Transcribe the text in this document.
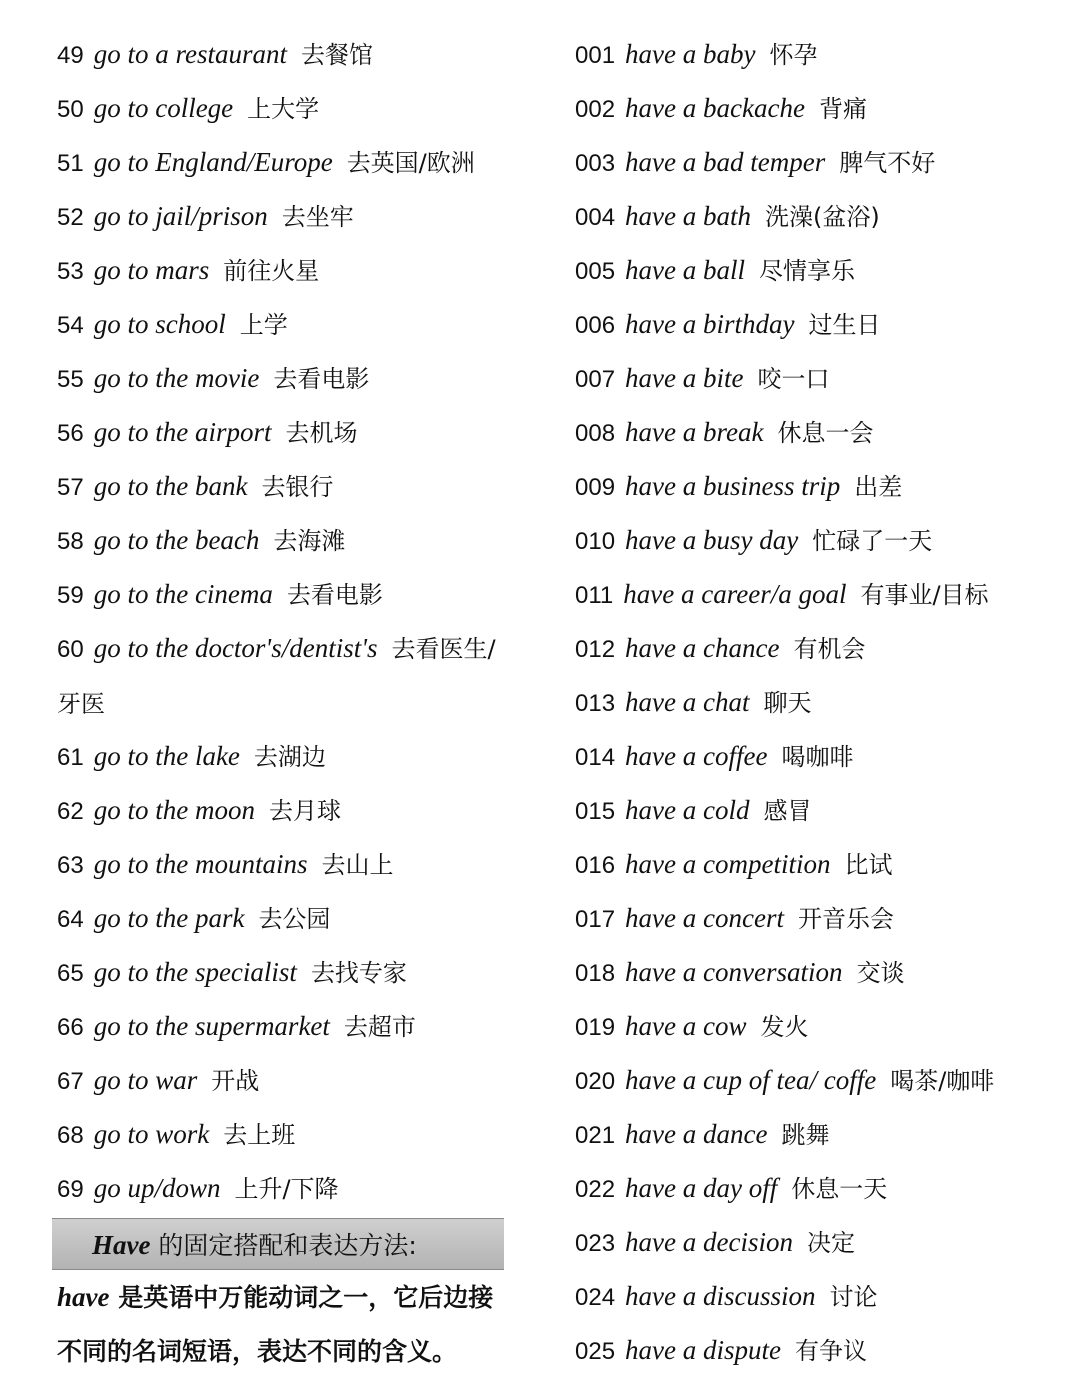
49 go to a restaurant 去餐馆
50 go to college 上大学
51 go to England/Europe 去英国/欧洲
52 go to jail/prison 去坐牢
53 go to mars 前往火星
54 go to school 上学
55 go to the movie 去看电影
56 go to the airport 去机场
57 go to the bank 去银行
58 go to the beach 去海滩
59 go to the cinema 去看电影
60 go to the doctor's/dentist's 去看医生/牙医
61 go to the lake 去湖边
62 go to the moon 去月球
63 go to the mountains 去山上
64 go to the park 去公园
65 go to the specialist 去找专家
66 go to the supermarket 去超市
67 go to war 开战
68 go to work 去上班
69 go up/down 上升/下降
Have 的固定搭配和表达方法:
have 是英语中万能动词之一，它后边接不同的名词短语，表达不同的含义。
001 have a baby 怀孕
002 have a backache 背痛
003 have a bad temper 脾气不好
004 have a bath 洗澡(盆浴)
005 have a ball 尽情享乐
006 have a birthday 过生日
007 have a bite 咬一口
008 have a break 休息一会
009 have a business trip 出差
010 have a busy day 忙碌了一天
011 have a career/a goal 有事业/目标
012 have a chance 有机会
013 have a chat 聊天
014 have a coffee 喝咖啡
015 have a cold 感冒
016 have a competition 比试
017 have a concert 开音乐会
018 have a conversation 交谈
019 have a cow 发火
020 have a cup of tea/ coffe 喝茶/咖啡
021 have a dance 跳舞
022 have a day off 休息一天
023 have a decision 决定
024 have a discussion 讨论
025 have a dispute 有争议
